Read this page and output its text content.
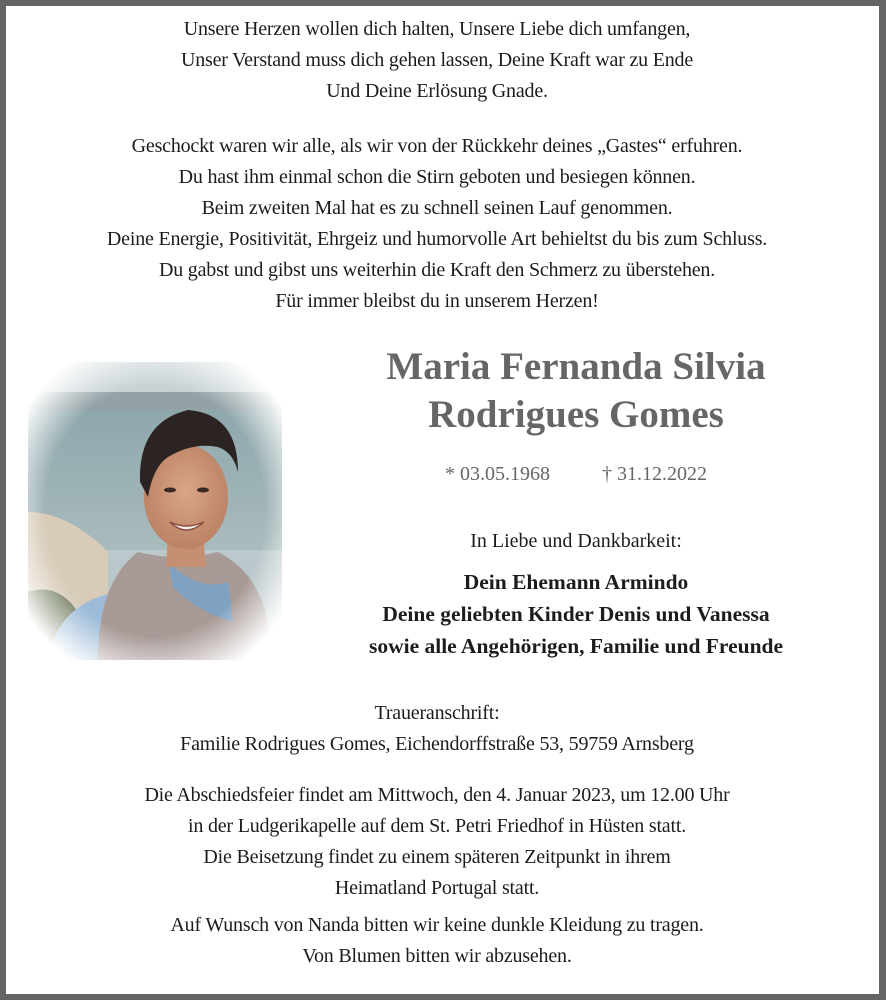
Unsere Herzen wollen dich halten, Unsere Liebe dich umfangen,
Unser Verstand muss dich gehen lassen, Deine Kraft war zu Ende
Und Deine Erlösung Gnade.
Geschockt waren wir alle, als wir von der Rückkehr deines „Gastes“ erfuhren.
Du hast ihm einmal schon die Stirn geboten und besiegen können.
Beim zweiten Mal hat es zu schnell seinen Lauf genommen.
Deine Energie, Positivität, Ehrgeiz und humorvolle Art behieltst du bis zum Schluss.
Du gabst und gibst uns weiterhin die Kraft den Schmerz zu überstehen.
Für immer bleibst du in unserem Herzen!
Maria Fernanda Silvia
Rodrigues Gomes
* 03.05.1968	† 31.12.2022
In Liebe und Dankbarkeit:
Dein Ehemann Armindo
Deine geliebten Kinder Denis und Vanessa
sowie alle Angehörigen, Familie und Freunde
Traueranschrift:
Familie Rodrigues Gomes, Eichendorffstraße 53, 59759 Arnsberg
Die Abschiedsfeier findet am Mittwoch, den 4. Januar 2023, um 12.00 Uhr
in der Ludgerikapelle auf dem St. Petri Friedhof in Hüsten statt.
Die Beisetzung findet zu einem späteren Zeitpunkt in ihrem
Heimatland Portugal statt.
Auf Wunsch von Nanda bitten wir keine dunkle Kleidung zu tragen.
Von Blumen bitten wir abzusehen.
